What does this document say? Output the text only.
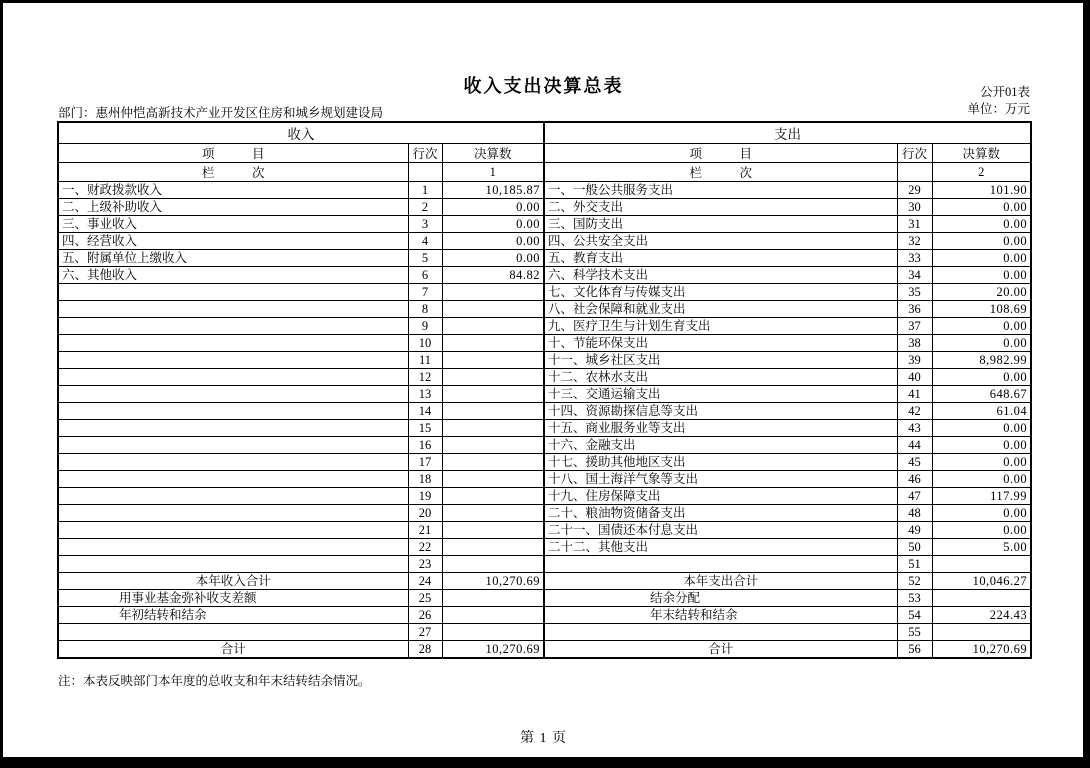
收入支出决算总表	公开01表
单位：万元
部门：惠州仲恺高新技术产业开发区住房和城乡规划建设局
收入			支出		
项　　　目	行次	决算数	项　　　目	行次	决算数
栏　　　次		1	栏　　　次		2
一、财政拨款收入	1	10,185.87	一、一般公共服务支出	29	101.90
二、上级补助收入	2	0.00	二、外交支出	30	0.00
三、事业收入	3	0.00	三、国防支出	31	0.00
四、经营收入	4	0.00	四、公共安全支出	32	0.00
五、附属单位上缴收入	5	0.00	五、教育支出	33	0.00
六、其他收入	6	84.82	六、科学技术支出	34	0.00
	7		七、文化体育与传媒支出	35	20.00
	8		八、社会保障和就业支出	36	108.69
	9		九、医疗卫生与计划生育支出	37	0.00
	10		十、节能环保支出	38	0.00
	11		十一、城乡社区支出	39	8,982.99
	12		十二、农林水支出	40	0.00
	13		十三、交通运输支出	41	648.67
	14		十四、资源勘探信息等支出	42	61.04
	15		十五、商业服务业等支出	43	0.00
	16		十六、金融支出	44	0.00
	17		十七、援助其他地区支出	45	0.00
	18		十八、国土海洋气象等支出	46	0.00
	19		十九、住房保障支出	47	117.99
	20		二十、粮油物资储备支出	48	0.00
	21		二十一、国债还本付息支出	49	0.00
	22		二十二、其他支出	50	5.00
	23			51	
本年收入合计	24	10,270.69	本年支出合计	52	10,046.27
用事业基金弥补收支差额	25		结余分配	53	
年初结转和结余	26		年末结转和结余	54	224.43
	27			55	
合计	28	10,270.69	合计	56	10,270.69
注：本表反映部门本年度的总收支和年末结转结余情况。
第 1 页
